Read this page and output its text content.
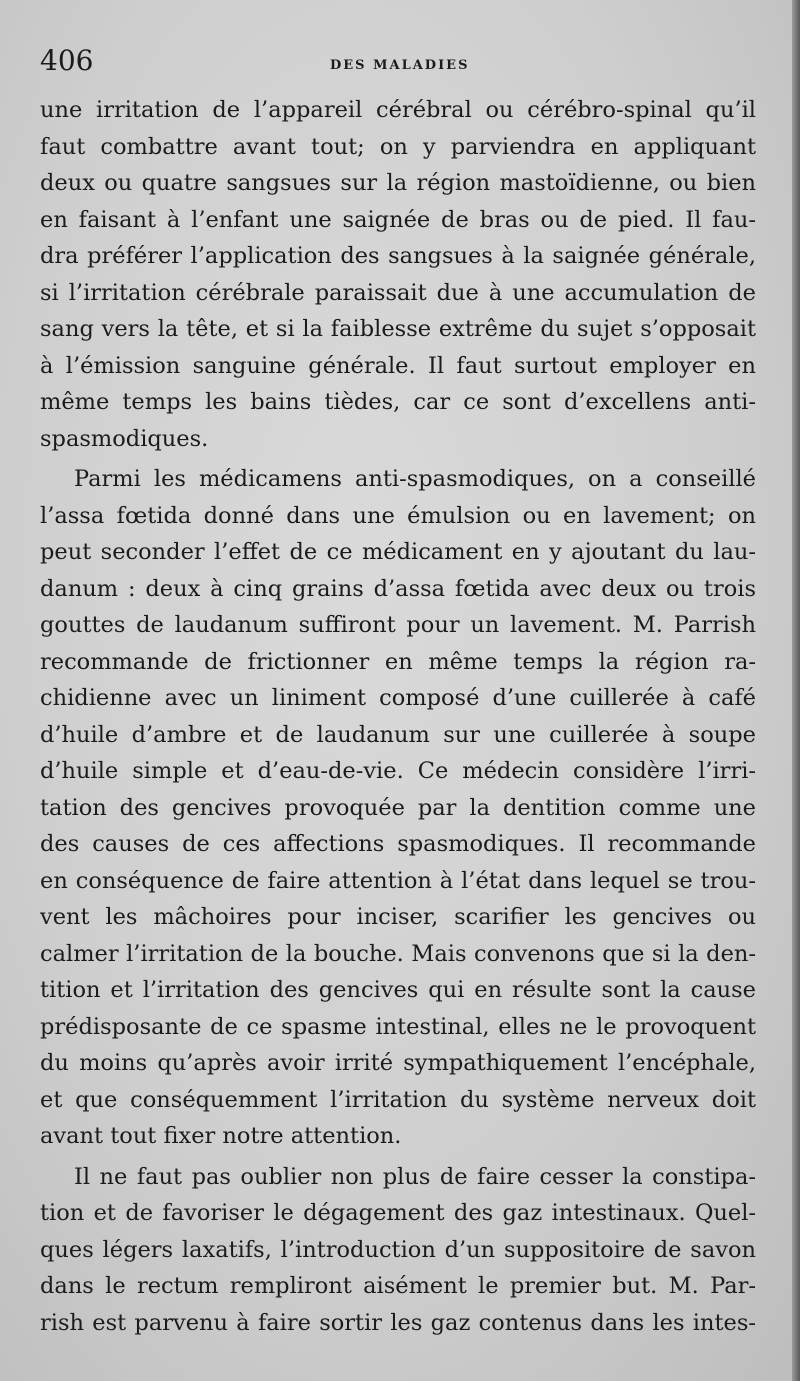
406	DES MALADIES
une irritation de l’appareil cérébral ou cérébro-spinal qu’il
faut combattre avant tout; on y parviendra en appliquant
deux ou quatre sangsues sur la région mastoïdienne, ou bien
en faisant à l’enfant une saignée de bras ou de pied. Il fau-
dra préférer l’application des sangsues à la saignée générale,
si l’irritation cérébrale paraissait due à une accumulation de
sang vers la tête, et si la faiblesse extrême du sujet s’opposait
à l’émission sanguine générale. Il faut surtout employer en
même temps les bains tièdes, car ce sont d’excellens anti-
spasmodiques.
Parmi les médicamens anti-spasmodiques, on a conseillé
l’assa fœtida donné dans une émulsion ou en lavement; on
peut seconder l’effet de ce médicament en y ajoutant du lau-
danum : deux à cinq grains d’assa fœtida avec deux ou trois
gouttes de laudanum suffiront pour un lavement. M. Parrish
recommande de frictionner en même temps la région ra-
chidienne avec un liniment composé d’une cuillerée à café
d’huile d’ambre et de laudanum sur une cuillerée à soupe
d’huile simple et d’eau-de-vie. Ce médecin considère l’irri-
tation des gencives provoquée par la dentition comme une
des causes de ces affections spasmodiques. Il recommande
en conséquence de faire attention à l’état dans lequel se trou-
vent les mâchoires pour inciser, scarifier les gencives ou
calmer l’irritation de la bouche. Mais convenons que si la den-
tition et l’irritation des gencives qui en résulte sont la cause
prédisposante de ce spasme intestinal, elles ne le provoquent
du moins qu’après avoir irrité sympathiquement l’encéphale,
et que conséquemment l’irritation du système nerveux doit
avant tout fixer notre attention.
Il ne faut pas oublier non plus de faire cesser la constipa-
tion et de favoriser le dégagement des gaz intestinaux. Quel-
ques légers laxatifs, l’introduction d’un suppositoire de savon
dans le rectum rempliront aisément le premier but. M. Par-
rish est parvenu à faire sortir les gaz contenus dans les intes-
